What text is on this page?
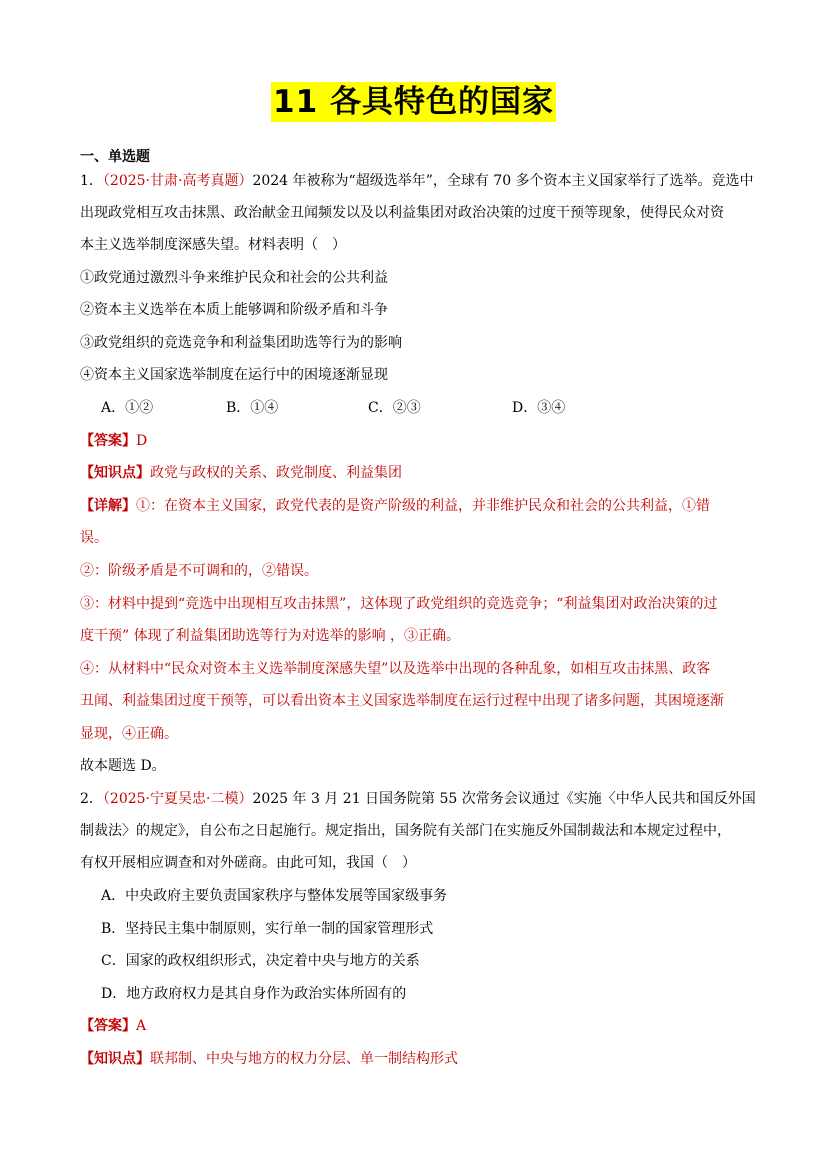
11 各具特色的国家
一、单选题
1．（2025·甘肃·高考真题）2024 年被称为“超级选举年”，全球有 70 多个资本主义国家举行了选举。竞选中
出现政党相互攻击抹黑、政治献金丑闻频发以及以利益集团对政治决策的过度干预等现象，使得民众对资
本主义选举制度深感失望。材料表明（　）
①政党通过激烈斗争来维护民众和社会的公共利益
②资本主义选举在本质上能够调和阶级矛盾和斗争
③政党组织的竞选竞争和利益集团助选等行为的影响
④资本主义国家选举制度在运行中的困境逐渐显现
A．①②	B．①④	C．②③	D．③④
【答案】D
【知识点】政党与政权的关系、政党制度、利益集团
【详解】①：在资本主义国家，政党代表的是资产阶级的利益，并非维护民众和社会的公共利益，①错
误。
②：阶级矛盾是不可调和的，②错误。
③：材料中提到“竞选中出现相互攻击抹黑”，这体现了政党组织的竞选竞争；“利益集团对政治决策的过
度干预” 体现了利益集团助选等行为对选举的影响 ，③正确。
④：从材料中“民众对资本主义选举制度深感失望”以及选举中出现的各种乱象，如相互攻击抹黑、政客
丑闻、利益集团过度干预等，可以看出资本主义国家选举制度在运行过程中出现了诸多问题，其困境逐渐
显现，④正确。
故本题选 D。
2．（2025·宁夏吴忠·二模）2025 年 3 月 21 日国务院第 55 次常务会议通过《实施〈中华人民共和国反外国
制裁法〉的规定》，自公布之日起施行。规定指出，国务院有关部门在实施反外国制裁法和本规定过程中，
有权开展相应调查和对外磋商。由此可知，我国（　）
A．中央政府主要负责国家秩序与整体发展等国家级事务
B．坚持民主集中制原则，实行单一制的国家管理形式
C．国家的政权组织形式，决定着中央与地方的关系
D．地方政府权力是其自身作为政治实体所固有的
【答案】A
【知识点】联邦制、中央与地方的权力分层、单一制结构形式
